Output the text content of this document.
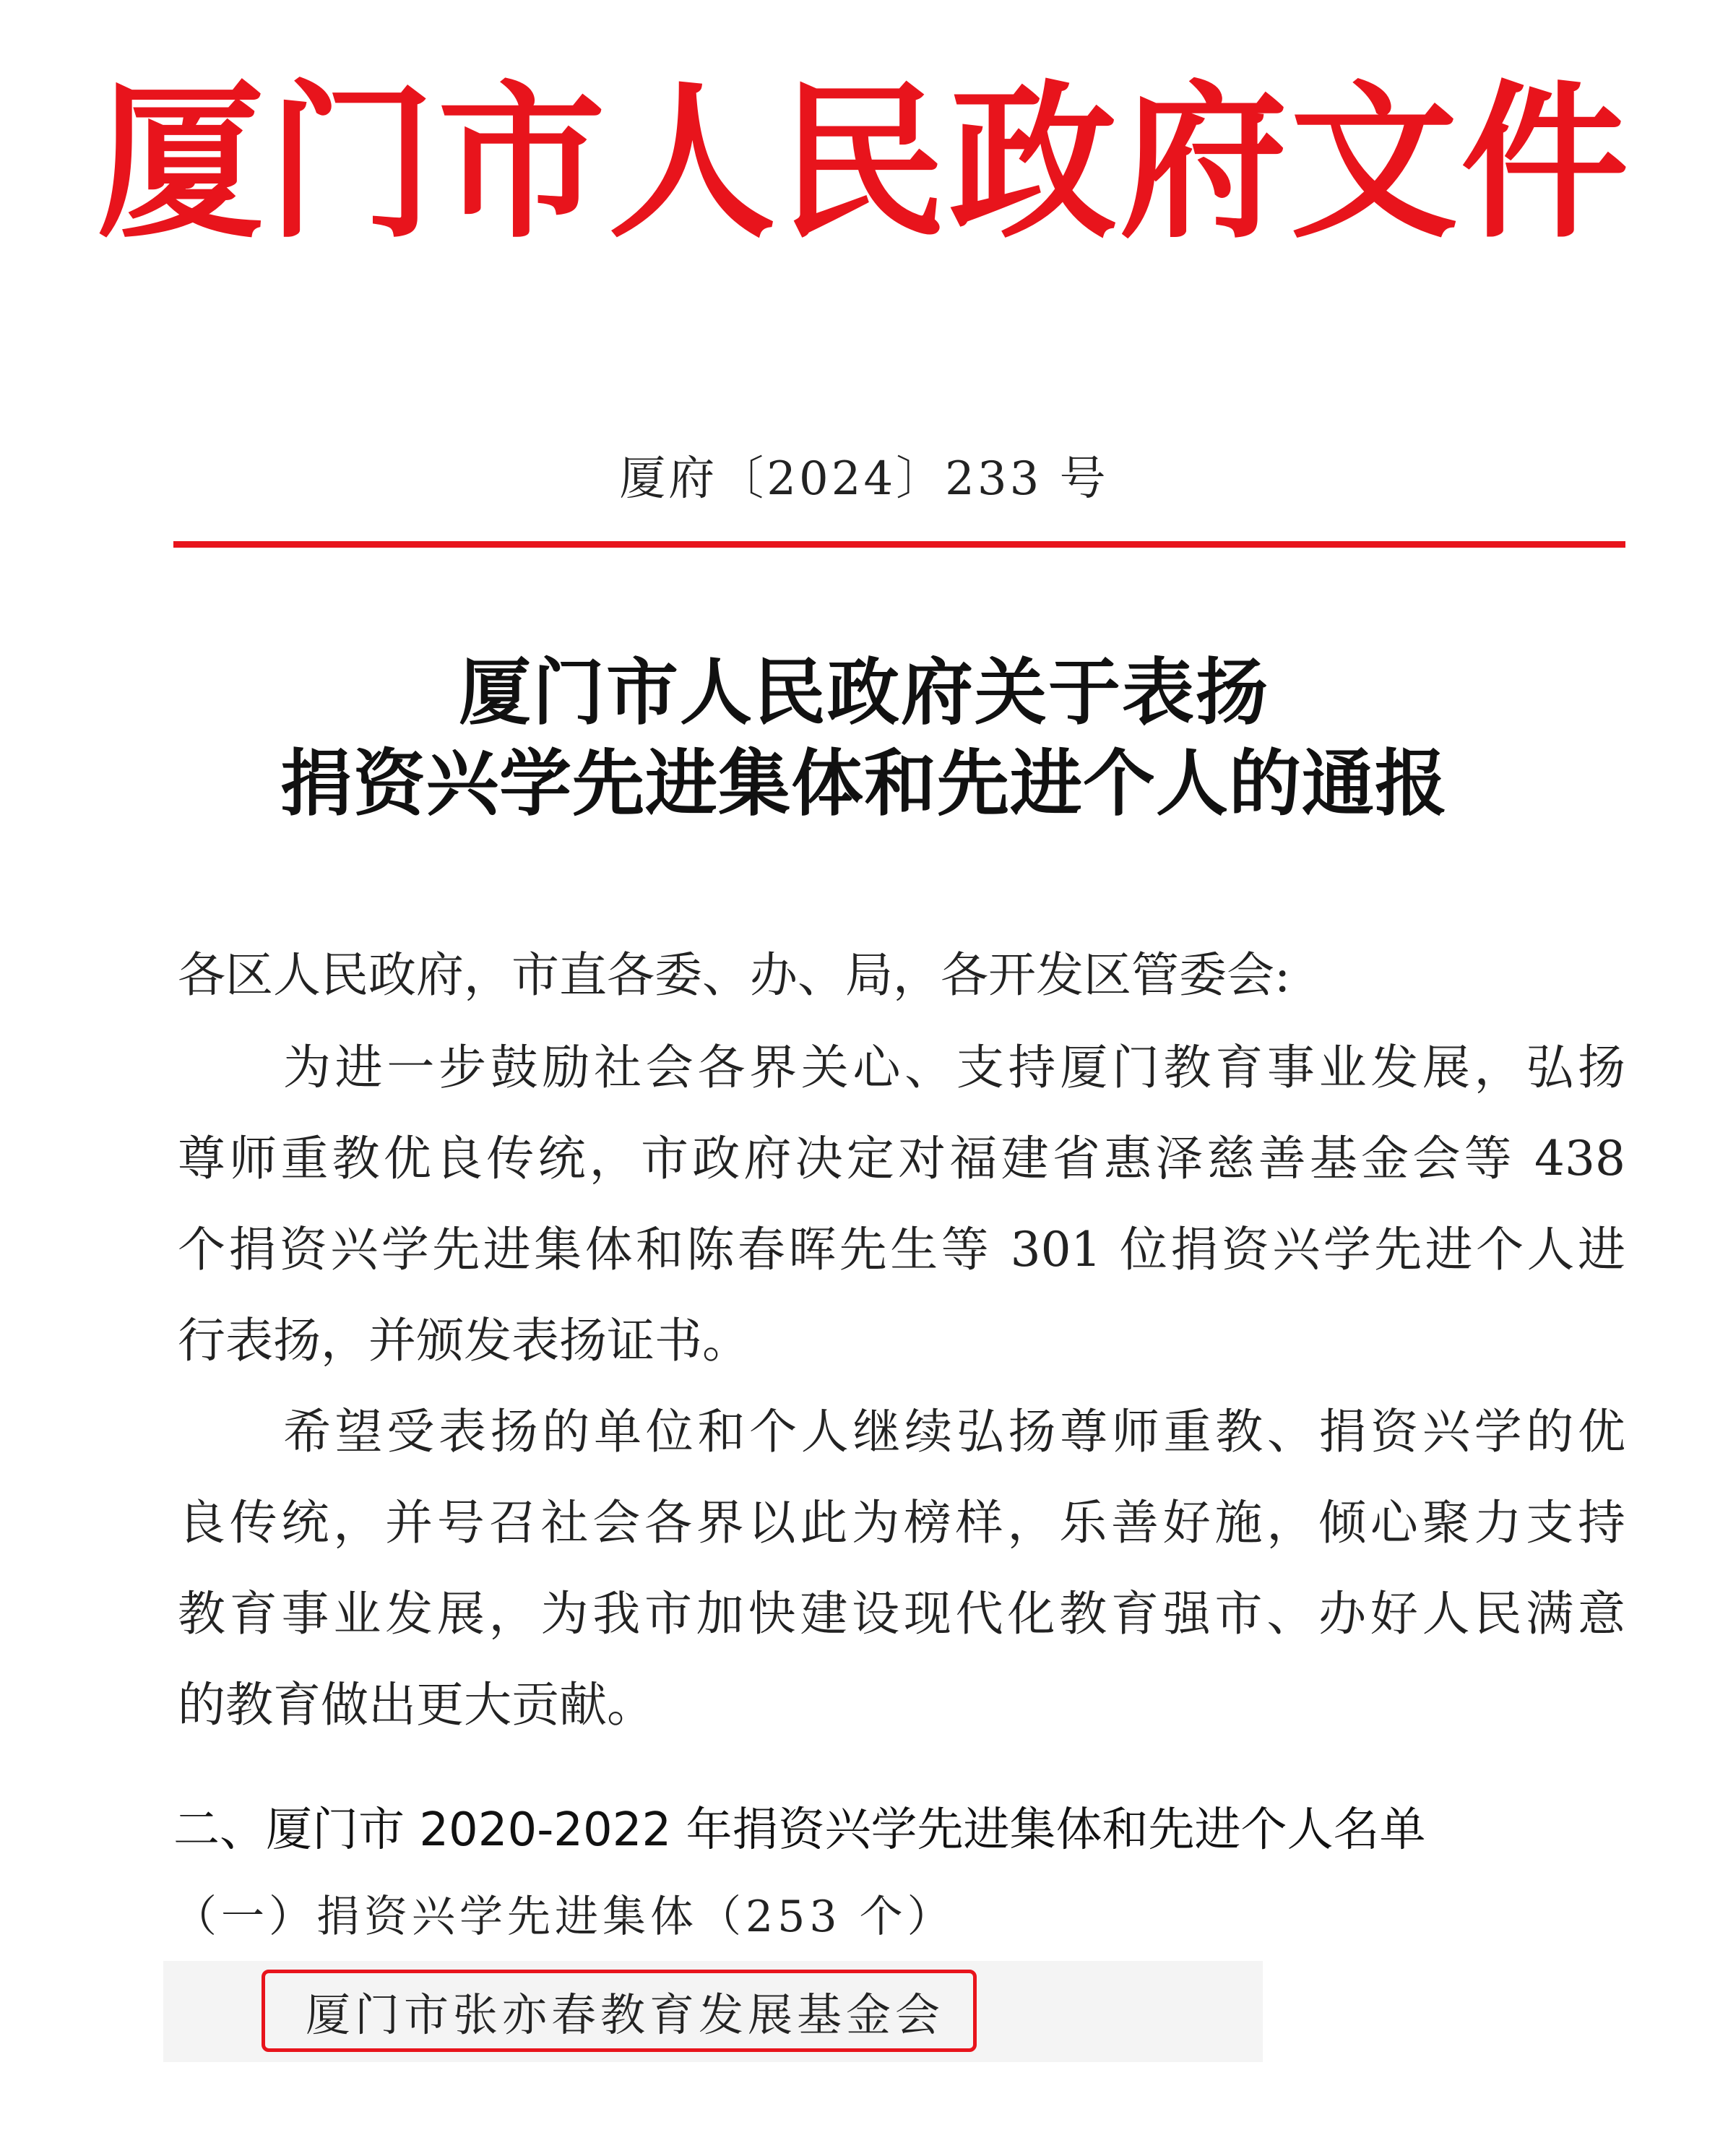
厦门市人民政府文件
厦府〔2024〕233 号
厦门市人民政府关于表扬
捐资兴学先进集体和先进个人的通报
各区人民政府，市直各委、办、局，各开发区管委会:
为进一步鼓励社会各界关心、支持厦门教育事业发展，弘扬
尊师重教优良传统，市政府决定对福建省惠泽慈善基金会等 438
个捐资兴学先进集体和陈春晖先生等 301 位捐资兴学先进个人进
行表扬，并颁发表扬证书。
希望受表扬的单位和个人继续弘扬尊师重教、捐资兴学的优
良传统，并号召社会各界以此为榜样，乐善好施，倾心聚力支持
教育事业发展，为我市加快建设现代化教育强市、办好人民满意
的教育做出更大贡献。
二、厦门市 2020-2022 年捐资兴学先进集体和先进个人名单
（一）捐资兴学先进集体（253 个）
厦门市张亦春教育发展基金会
